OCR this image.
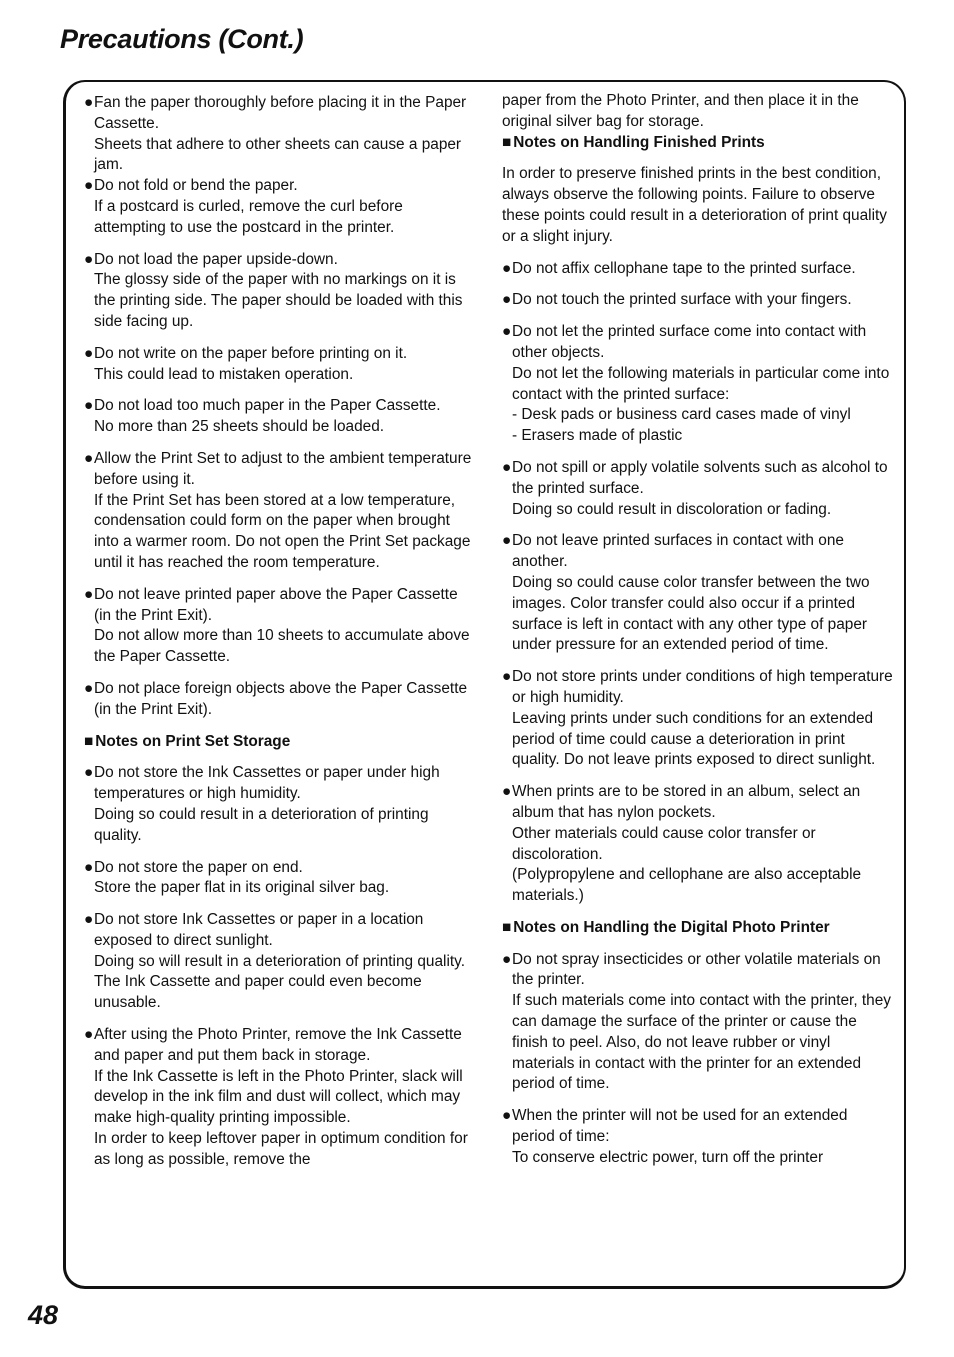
Precautions (Cont.)
● Fan the paper thoroughly before placing it in the Paper Cassette.
Sheets that adhere to other sheets can cause a paper jam.
● Do not fold or bend the paper.
If a postcard is curled, remove the curl before attempting to use the postcard in the printer.
● Do not load the paper upside-down.
The glossy side of the paper with no markings on it is the printing side. The paper should be loaded with this side facing up.
● Do not write on the paper before printing on it.
This could lead to mistaken operation.
● Do not load too much paper in the Paper Cassette.
No more than 25 sheets should be loaded.
● Allow the Print Set to adjust to the ambient temperature before using it.
If the Print Set has been stored at a low temperature, condensation could form on the paper when brought into a warmer room. Do not open the Print Set package until it has reached the room temperature.
● Do not leave printed paper above the Paper Cassette (in the Print Exit).
Do not allow more than 10 sheets to accumulate above the Paper Cassette.
● Do not place foreign objects above the Paper Cassette (in the Print Exit).
■ Notes on Print Set Storage
● Do not store the Ink Cassettes or paper under high temperatures or high humidity.
Doing so could result in a deterioration of printing quality.
● Do not store the paper on end.
Store the paper flat in its original silver bag.
● Do not store Ink Cassettes or paper in a location exposed to direct sunlight.
Doing so will result in a deterioration of printing quality. The Ink Cassette and paper could even become unusable.
● After using the Photo Printer, remove the Ink Cassette and paper and put them back in storage.
If the Ink Cassette is left in the Photo Printer, slack will develop in the ink film and dust will collect, which may make high-quality printing impossible.
In order to keep leftover paper in optimum condition for as long as possible, remove the
paper from the Photo Printer, and then place it in the original silver bag for storage.
■ Notes on Handling Finished Prints
In order to preserve finished prints in the best condition, always observe the following points. Failure to observe these points could result in a deterioration of print quality or a slight injury.
● Do not affix cellophane tape to the printed surface.
● Do not touch the printed surface with your fingers.
● Do not let the printed surface come into contact with other objects.
Do not let the following materials in particular come into contact with the printed surface:
- Desk pads or business card cases made of vinyl
- Erasers made of plastic
● Do not spill or apply volatile solvents such as alcohol to the printed surface.
Doing so could result in discoloration or fading.
● Do not leave printed surfaces in contact with one another.
Doing so could cause color transfer between the two images. Color transfer could also occur if a printed surface is left in contact with any other type of paper under pressure for an extended period of time.
● Do not store prints under conditions of high temperature or high humidity.
Leaving prints under such conditions for an extended period of time could cause a deterioration in print quality. Do not leave prints exposed to direct sunlight.
● When prints are to be stored in an album, select an album that has nylon pockets.
Other materials could cause color transfer or discoloration.
(Polypropylene and cellophane are also acceptable materials.)
■ Notes on Handling the Digital Photo Printer
● Do not spray insecticides or other volatile materials on the printer.
If such materials come into contact with the printer, they can damage the surface of the printer or cause the finish to peel. Also, do not leave rubber or vinyl materials in contact with the printer for an extended period of time.
● When the printer will not be used for an extended period of time:
To conserve electric power, turn off the printer
48
